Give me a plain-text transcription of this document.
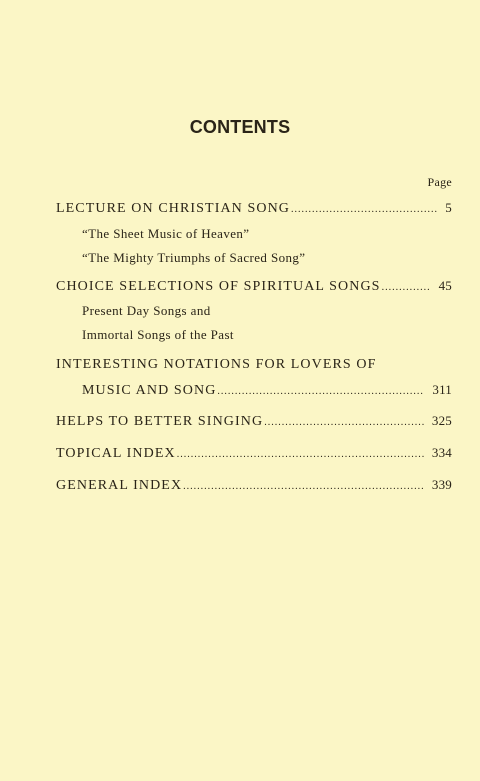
CONTENTS
Page
LECTURE ON CHRISTIAN SONG .....	5
“The Sheet Music of Heaven”
“The Mighty Triumphs of Sacred Song”
CHOICE SELECTIONS OF SPIRITUAL SONGS .....	45
Present Day Songs and
Immortal Songs of the Past
INTERESTING NOTATIONS FOR LOVERS OF
MUSIC AND SONG .....	311
HELPS TO BETTER SINGING .....	325
TOPICAL INDEX .....	334
GENERAL INDEX .....	339
